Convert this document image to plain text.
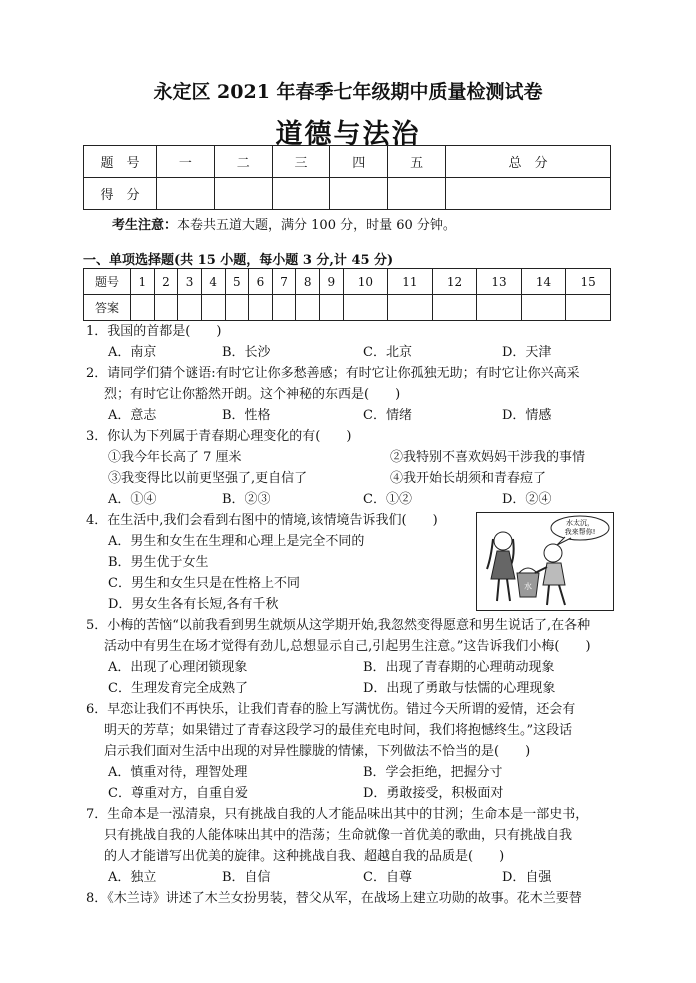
永定区 2021 年春季七年级期中质量检测试卷
道德与法治
题　号	一	二	三	四	五	总　分
得　分						
考生注意：本卷共五道大题，满分 100 分，时量 60 分钟。
一、单项选择题(共 15 小题，每小题 3 分,计 45 分)
题号	1	2	3	4	5	6	7	8	9	10	11	12	13	14	15
答案															
1．我国的首都是(　　)
A．南京	B．长沙	C．北京	D．天津
2．请同学们猜个谜语:有时它让你多愁善感；有时它让你孤独无助；有时它让你兴高采
烈；有时它让你豁然开朗。这个神秘的东西是(　　)
A．意志	B．性格	C．情绪	D．情感
3．你认为下列属于青春期心理变化的有(　　)
①我今年长高了 7 厘米	②我特别不喜欢妈妈干涉我的事情
③我变得比以前更坚强了,更自信了	④我开始长胡须和青春痘了
A．①④	B．②③	C．①②	D．②④
4．在生活中,我们会看到右图中的情境,该情境告诉我们(　　)
A．男生和女生在生理和心理上是完全不同的
B．男生优于女生
C．男生和女生只是在性格上不同
D．男女生各有长短,各有千秋
水太沉，
我来帮你!
水
5．小梅的苦恼“以前我看到男生就烦从这学期开始,我忽然变得愿意和男生说话了,在各种
活动中有男生在场才觉得有劲儿,总想显示自己,引起男生注意。”这告诉我们小梅(　　)
A．出现了心理闭锁现象	B．出现了青春期的心理萌动现象
C．生理发育完全成熟了	D．出现了勇敢与怯懦的心理现象
6．早恋让我们不再快乐，让我们青春的脸上写满忧伤。错过今天所谓的爱情，还会有
明天的芳草；如果错过了青春这段学习的最佳充电时间，我们将抱憾终生。”这段话
启示我们面对生活中出现的对异性朦胧的情愫，下列做法不恰当的是(　　)
A．慎重对待，理智处理	B．学会拒绝，把握分寸
C．尊重对方，自重自爱	D．勇敢接受，积极面对
7．生命本是一泓清泉，只有挑战自我的人才能品味出其中的甘洌；生命本是一部史书，
只有挑战自我的人能体味出其中的浩荡；生命就像一首优美的歌曲，只有挑战自我
的人才能谱写出优美的旋律。这种挑战自我、超越自我的品质是(　　)
A．独立	B．自信	C．自尊	D．自强
8．《木兰诗》讲述了木兰女扮男装，替父从军，在战场上建立功勋的故事。花木兰要替
